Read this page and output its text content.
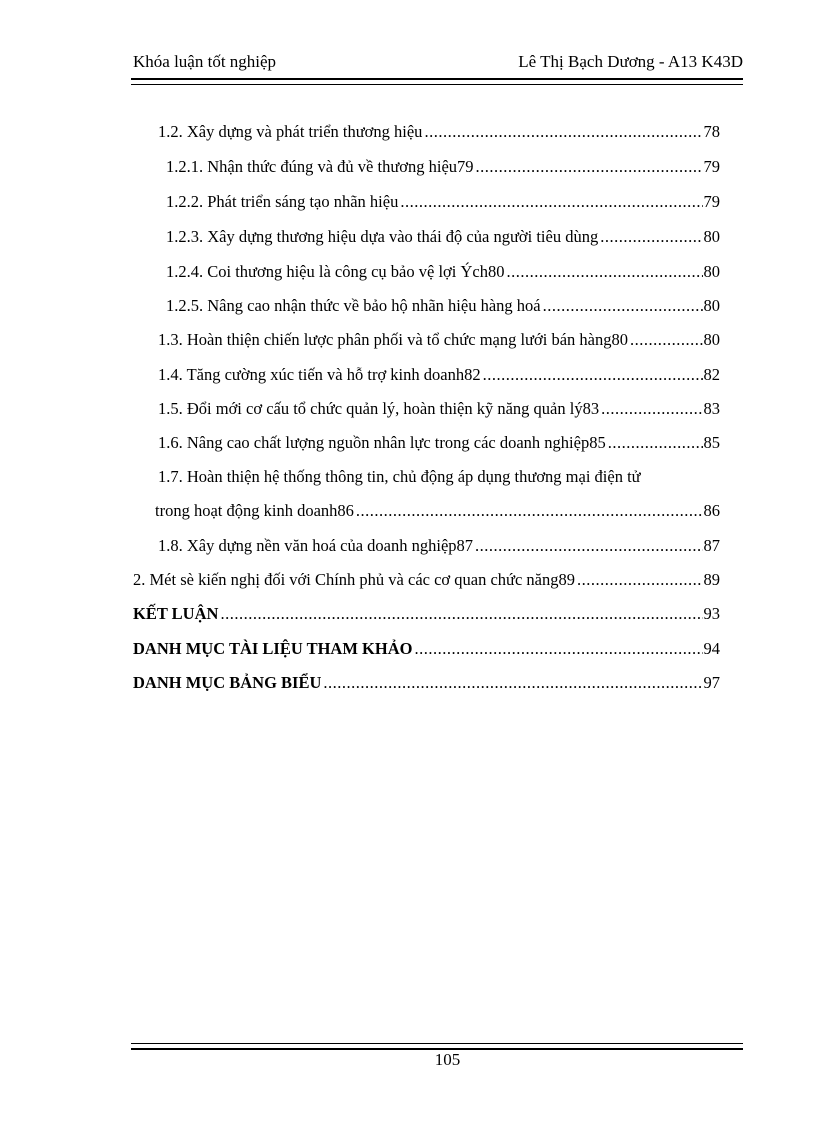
Khóa luận tốt nghiệp	Lê Thị Bạch Dương - A13 K43D
1.2. Xây dựng và phát triển thương hiệu .....	78
1.2.1. Nhận thức đúng và đủ về thương hiệu79 .....	79
1.2.2. Phát triển sáng tạo nhãn hiệu .....	79
1.2.3. Xây dựng thương hiệu dựa vào thái độ của người tiêu dùng .....	80
1.2.4. Coi thương hiệu là công cụ bảo vệ lợi Ých80 .....	80
1.2.5. Nâng cao nhận thức về bảo hộ nhãn hiệu hàng hoá .....	80
1.3. Hoàn thiện chiến lược phân phối và tổ chức mạng lưới bán hàng80 .....	80
1.4. Tăng cường xúc tiến và hỗ trợ kinh doanh82 .....	82
1.5. Đổi mới cơ cấu tổ chức quản lý, hoàn thiện kỹ năng quản lý83 .....	83
1.6. Nâng cao chất lượng nguồn nhân lực trong các doanh nghiệp85 .....	85
1.7. Hoàn thiện hệ thống thông tin, chủ động áp dụng thương mại điện tử
trong hoạt động kinh doanh86 .....	86
1.8. Xây dựng nền văn hoá của doanh nghiệp87 .....	87
2. Mét sè kiến nghị đối với Chính phủ và các cơ quan chức năng89 .....	89
KẾT LUẬN .....	93
DANH MỤC TÀI LIỆU THAM KHẢO .....	94
DANH MỤC BẢNG BIỂU .....	97
105
